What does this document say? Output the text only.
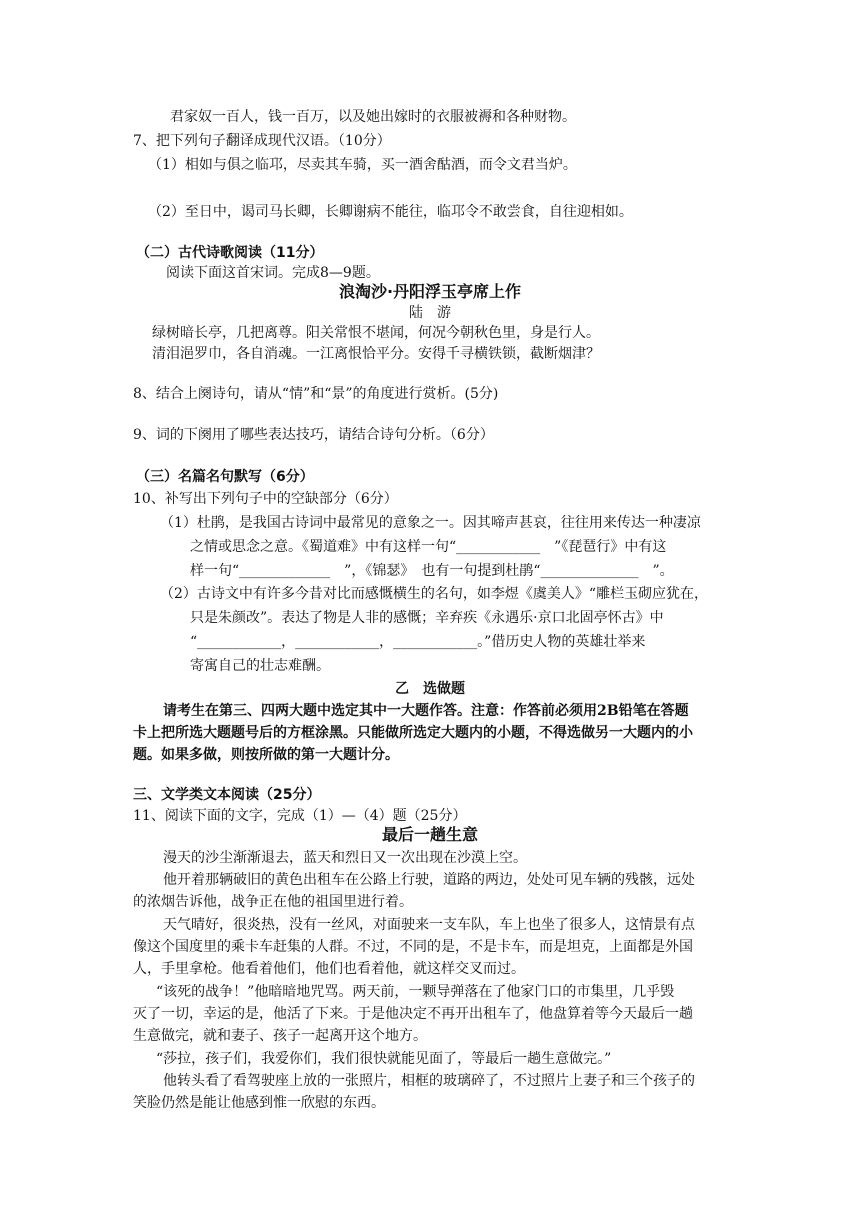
君家奴一百人，钱一百万，以及她出嫁时的衣服被褥和各种财物。
7、把下列句子翻译成现代汉语。（10分）
（1）相如与俱之临邛，尽卖其车骑，买一酒舍酤酒，而令文君当炉。
（2）至日中，谒司马长卿，长卿谢病不能往，临邛令不敢尝食，自往迎相如。
（二）古代诗歌阅读（11分）
阅读下面这首宋词。完成8—9题。
浪淘沙·丹阳浮玉亭席上作
陆　游
绿树暗长亭，几把离尊。阳关常恨不堪闻，何况今朝秋色里，身是行人。
清泪浥罗巾，各自消魂。一江离恨恰平分。安得千寻横铁锁，截断烟津？
8、结合上阕诗句，请从“情”和“景”的角度进行赏析。(5分)
9、词的下阕用了哪些表达技巧，请结合诗句分析。（6分）
（三）名篇名句默写（6分）
10、补写出下列句子中的空缺部分（6分）
（1）杜鹃，是我国古诗词中最常见的意象之一。因其啼声甚哀，往往用来传达一种凄凉
之情或思念之意。《蜀道难》中有这样一句“____________　”《琵琶行》中有这
样一句“_____________　”，《锦瑟》　也有一句提到杜鹃“______________　”。
（2）古诗文中有许多今昔对比而感慨横生的名句，如李煜《虞美人》“雕栏玉砌应犹在，
只是朱颜改”。表达了物是人非的感慨；辛弃疾《永遇乐·京口北固亭怀古》中
“____________，____________，____________。”借历史人物的英雄壮举来
寄寓自己的壮志难酬。
乙　选做题
请考生在第三、四两大题中选定其中一大题作答。注意：作答前必须用2B铅笔在答题
卡上把所选大题题号后的方框涂黑。只能做所选定大题内的小题，不得选做另一大题内的小
题。如果多做，则按所做的第一大题计分。
三、文学类文本阅读（25分）
11、阅读下面的文字，完成（1）—（4）题（25分）
最后一趟生意
漫天的沙尘渐渐退去，蓝天和烈日又一次出现在沙漠上空。
他开着那辆破旧的黄色出租车在公路上行驶，道路的两边，处处可见车辆的残骸，远处
的浓烟告诉他，战争正在他的祖国里进行着。
天气晴好，很炎热，没有一丝风，对面驶来一支车队，车上也坐了很多人，这情景有点
像这个国度里的乘卡车赶集的人群。不过，不同的是，不是卡车，而是坦克，上面都是外国
人，手里拿枪。他看着他们，他们也看着他，就这样交叉而过。
“该死的战争！”他暗暗地咒骂。两天前，一颗导弹落在了他家门口的市集里，几乎毁
灭了一切，幸运的是，他活了下来。于是他决定不再开出租车了，他盘算着等今天最后一趟
生意做完，就和妻子、孩子一起离开这个地方。
“莎拉，孩子们，我爱你们，我们很快就能见面了，等最后一趟生意做完。”
他转头看了看驾驶座上放的一张照片，相框的玻璃碎了，不过照片上妻子和三个孩子的
笑脸仍然是能让他感到惟一欣慰的东西。
